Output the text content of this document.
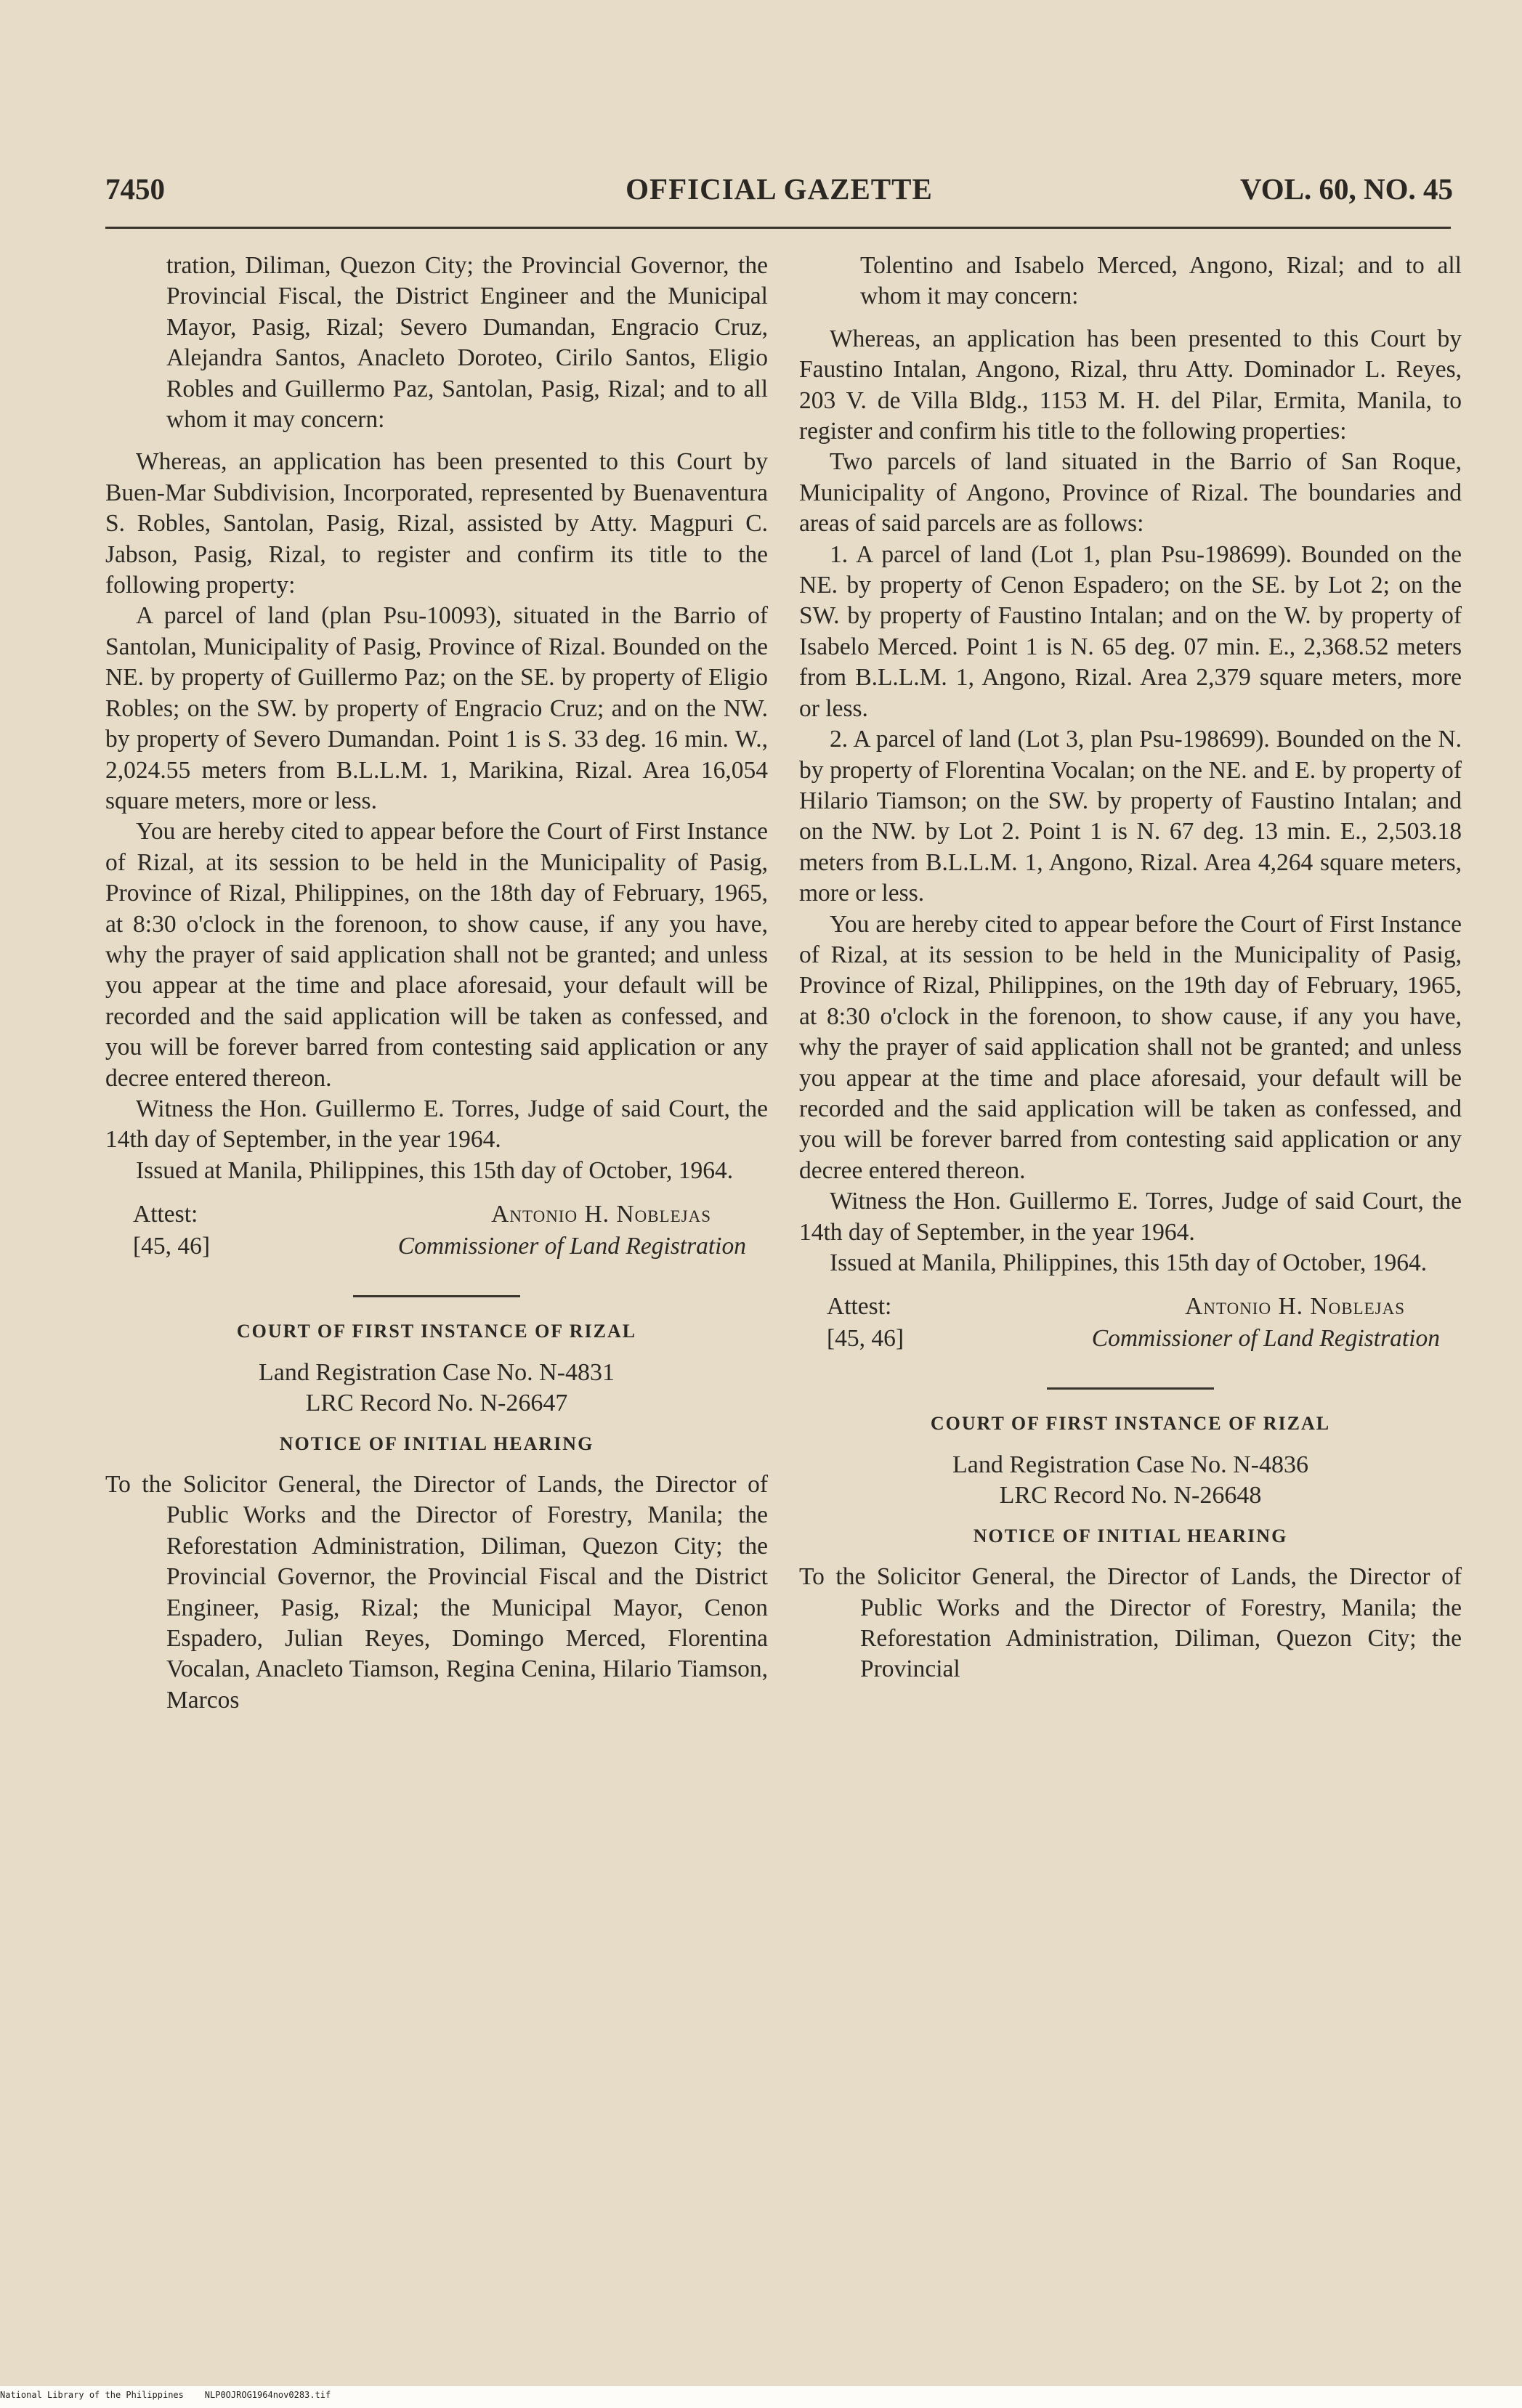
7450	OFFICIAL GAZETTE	VOL. 60, NO. 45

tration, Diliman, Quezon City; the Provincial Governor, the Provincial Fiscal, the District Engineer and the Municipal Mayor, Pasig, Rizal; Severo Dumandan, Engracio Cruz, Alejandra Santos, Anacleto Doroteo, Cirilo Santos, Eligio Robles and Guillermo Paz, Santolan, Pasig, Rizal; and to all whom it may concern:

Whereas, an application has been presented to this Court by Buen-Mar Subdivision, Incorporated, represented by Buenaventura S. Robles, Santolan, Pasig, Rizal, assisted by Atty. Magpuri C. Jabson, Pasig, Rizal, to register and confirm its title to the following property:

A parcel of land (plan Psu-10093), situated in the Barrio of Santolan, Municipality of Pasig, Province of Rizal. Bounded on the NE. by property of Guillermo Paz; on the SE. by property of Eligio Robles; on the SW. by property of Engracio Cruz; and on the NW. by property of Severo Dumandan. Point 1 is S. 33 deg. 16 min. W., 2,024.55 meters from B.L.L.M. 1, Marikina, Rizal. Area 16,054 square meters, more or less.

You are hereby cited to appear before the Court of First Instance of Rizal, at its session to be held in the Municipality of Pasig, Province of Rizal, Philippines, on the 18th day of February, 1965, at 8:30 o'clock in the forenoon, to show cause, if any you have, why the prayer of said application shall not be granted; and unless you appear at the time and place aforesaid, your default will be recorded and the said application will be taken as confessed, and you will be forever barred from contesting said application or any decree entered thereon.

Witness the Hon. Guillermo E. Torres, Judge of said Court, the 14th day of September, in the year 1964.

Issued at Manila, Philippines, this 15th day of October, 1964.

Attest:
[45, 46]
Antonio H. Noblejas
Commissioner of Land Registration
COURT OF FIRST INSTANCE OF RIZAL
Land Registration Case No. N-4831
LRC Record No. N-26647
NOTICE OF INITIAL HEARING

To the Solicitor General, the Director of Lands, the Director of Public Works and the Director of Forestry, Manila; the Reforestation Administration, Diliman, Quezon City; the Provincial Governor, the Provincial Fiscal and the District Engineer, Pasig, Rizal; the Municipal Mayor, Cenon Espadero, Julian Reyes, Domingo Merced, Florentina Vocalan, Anacleto Tiamson, Regina Cenina, Hilario Tiamson, Marcos

Tolentino and Isabelo Merced, Angono, Rizal; and to all whom it may concern:

Whereas, an application has been presented to this Court by Faustino Intalan, Angono, Rizal, thru Atty. Dominador L. Reyes, 203 V. de Villa Bldg., 1153 M. H. del Pilar, Ermita, Manila, to register and confirm his title to the following properties:

Two parcels of land situated in the Barrio of San Roque, Municipality of Angono, Province of Rizal. The boundaries and areas of said parcels are as follows:

1. A parcel of land (Lot 1, plan Psu-198699). Bounded on the NE. by property of Cenon Espadero; on the SE. by Lot 2; on the SW. by property of Faustino Intalan; and on the W. by property of Isabelo Merced. Point 1 is N. 65 deg. 07 min. E., 2,368.52 meters from B.L.L.M. 1, Angono, Rizal. Area 2,379 square meters, more or less.

2. A parcel of land (Lot 3, plan Psu-198699). Bounded on the N. by property of Florentina Vocalan; on the NE. and E. by property of Hilario Tiamson; on the SW. by property of Faustino Intalan; and on the NW. by Lot 2. Point 1 is N. 67 deg. 13 min. E., 2,503.18 meters from B.L.L.M. 1, Angono, Rizal. Area 4,264 square meters, more or less.

You are hereby cited to appear before the Court of First Instance of Rizal, at its session to be held in the Municipality of Pasig, Province of Rizal, Philippines, on the 19th day of February, 1965, at 8:30 o'clock in the forenoon, to show cause, if any you have, why the prayer of said application shall not be granted; and unless you appear at the time and place aforesaid, your default will be recorded and the said application will be taken as confessed, and you will be forever barred from contesting said application or any decree entered thereon.

Witness the Hon. Guillermo E. Torres, Judge of said Court, the 14th day of September, in the year 1964.

Issued at Manila, Philippines, this 15th day of October, 1964.

Attest:
[45, 46]
Antonio H. Noblejas
Commissioner of Land Registration
COURT OF FIRST INSTANCE OF RIZAL
Land Registration Case No. N-4836
LRC Record No. N-26648
NOTICE OF INITIAL HEARING

To the Solicitor General, the Director of Lands, the Director of Public Works and the Director of Forestry, Manila; the Reforestation Administration, Diliman, Quezon City; the Provincial

National Library of the Philippines NLP0OJROG1964nov0283.tif
